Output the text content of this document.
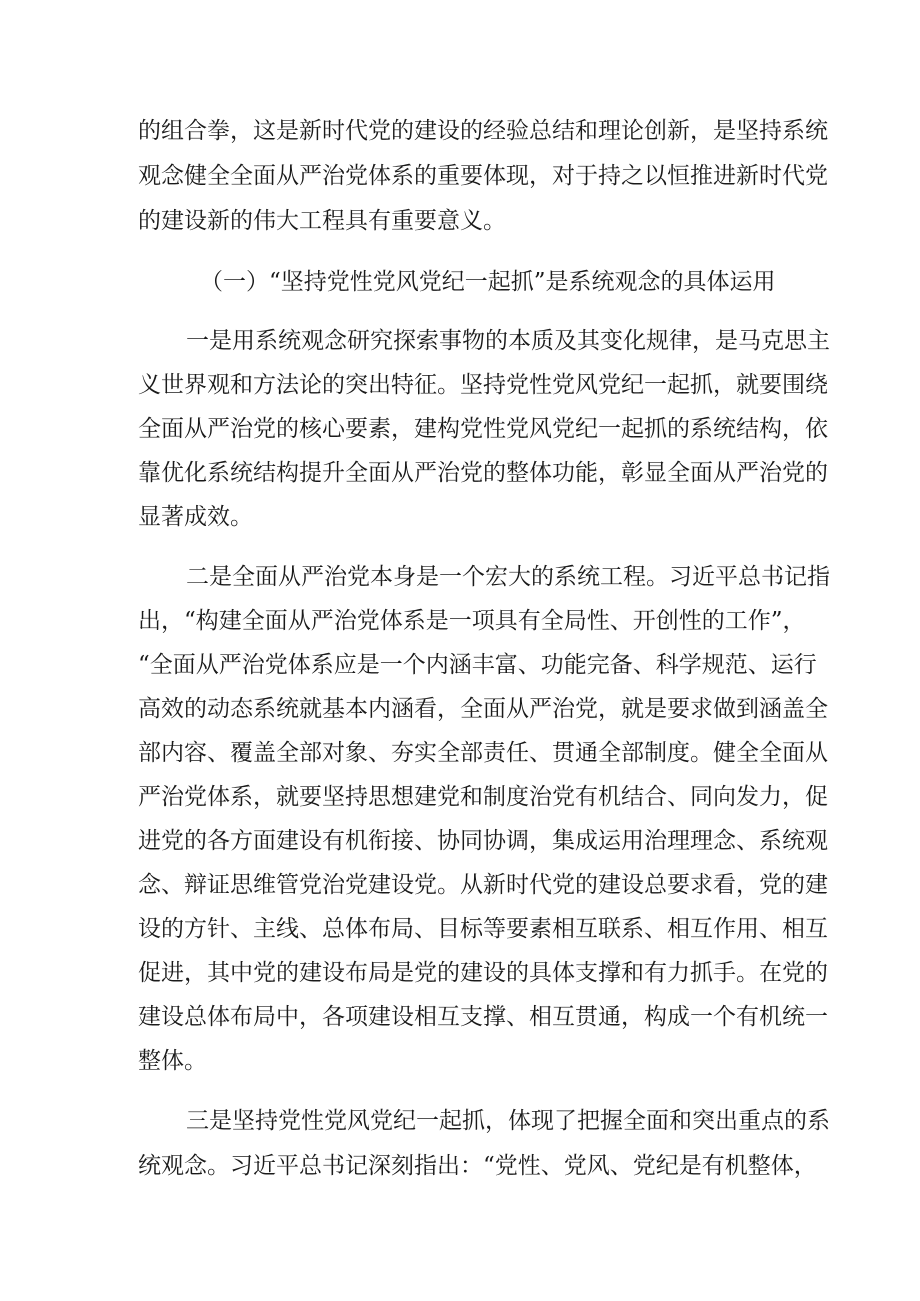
的组合拳，这是新时代党的建设的经验总结和理论创新，是坚持系统
观念健全全面从严治党体系的重要体现，对于持之以恒推进新时代党
的建设新的伟大工程具有重要意义。
（一）“坚持党性党风党纪一起抓”是系统观念的具体运用
一是用系统观念研究探索事物的本质及其变化规律，是马克思主
义世界观和方法论的突出特征。坚持党性党风党纪一起抓，就要围绕
全面从严治党的核心要素，建构党性党风党纪一起抓的系统结构，依
靠优化系统结构提升全面从严治党的整体功能，彰显全面从严治党的
显著成效。
二是全面从严治党本身是一个宏大的系统工程。习近平总书记指
出，“构建全面从严治党体系是一项具有全局性、开创性的工作”，
“全面从严治党体系应是一个内涵丰富、功能完备、科学规范、运行
高效的动态系统就基本内涵看，全面从严治党，就是要求做到涵盖全
部内容、覆盖全部对象、夯实全部责任、贯通全部制度。健全全面从
严治党体系，就要坚持思想建党和制度治党有机结合、同向发力，促
进党的各方面建设有机衔接、协同协调，集成运用治理理念、系统观
念、辩证思维管党治党建设党。从新时代党的建设总要求看，党的建
设的方针、主线、总体布局、目标等要素相互联系、相互作用、相互
促进，其中党的建设布局是党的建设的具体支撑和有力抓手。在党的
建设总体布局中，各项建设相互支撑、相互贯通，构成一个有机统一
整体。
三是坚持党性党风党纪一起抓，体现了把握全面和突出重点的系
统观念。习近平总书记深刻指出：“党性、党风、党纪是有机整体，
